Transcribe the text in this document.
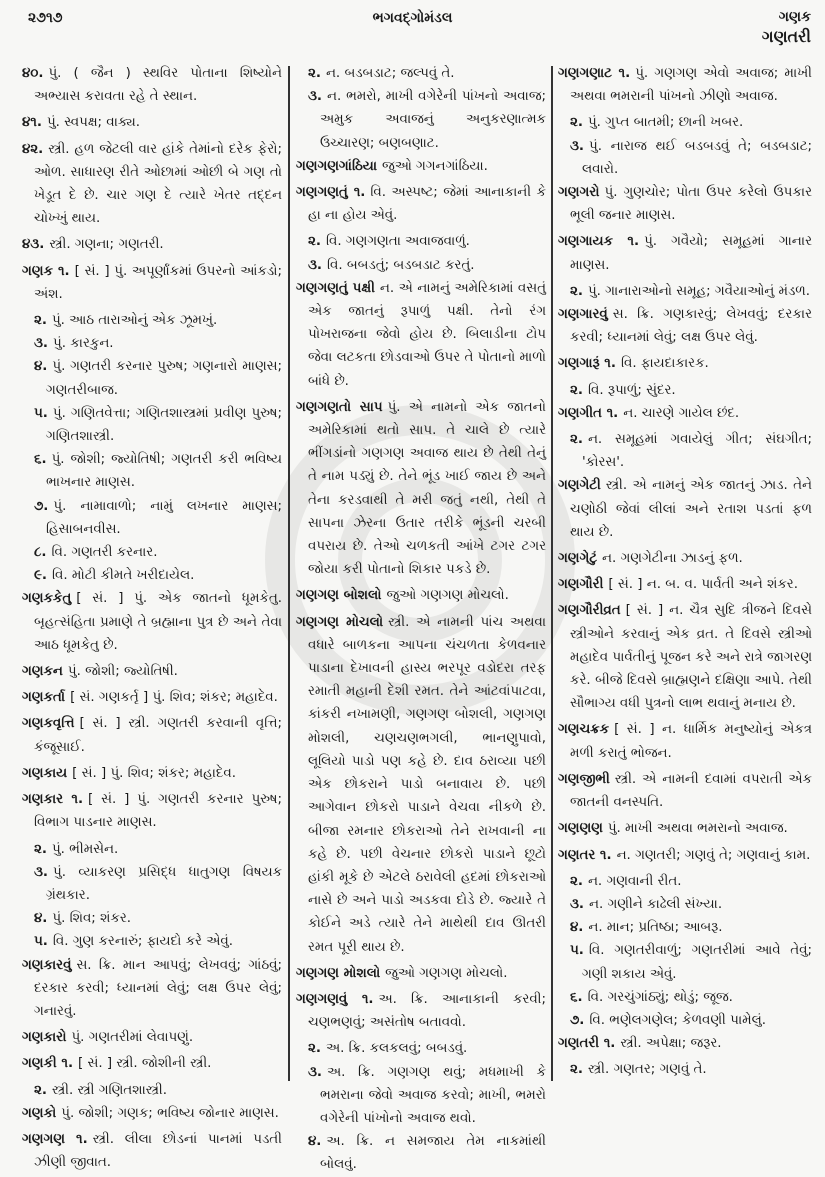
૨૭૧૭	ભગવદ્ગોમંડલ	ગણક
ગણતરી
૪૦. પું. ( જૈન ) સ્થવિર પોતાના શિષ્યોને અભ્યાસ કરાવતા રહે તે સ્થાન.
૪૧. પું. સ્વપક્ષ; વાક્ય.
૪૨. સ્ત્રી. હળ જેટલી વાર હાંકે તેમાંનો દરેક ફેરો; ઓળ. સાધારણ રીતે ઓછામાં ઓછી બે ગણ તો ખેડૂત દે છે. ચાર ગણ દે ત્યારે ખેતર તદ્દન ચોખ્ખું થાય.
૪૩. સ્ત્રી. ગણના; ગણતરી.
ગણક ૧. [ સં. ] પું. અપૂર્ણાંકમાં ઉપરનો આંકડો; અંશ.
૨. પું. આઠ તારાઓનું એક ઝૂમખું.
૩. પું. કારકુન.
૪. પું. ગણતરી કરનાર પુરુષ; ગણનારો માણસ; ગણતરીબાજ.
૫. પું. ગણિતવેત્તા; ગણિતશાસ્ત્રમાં પ્રવીણ પુરુષ; ગણિતશાસ્ત્રી.
૬. પું. જોશી; જ્યોતિષી; ગણતરી કરી ભવિષ્ય ભાખનાર માણસ.
૭. પું. નામાવાળો; નામું લખનાર માણસ; હિસાબનવીસ.
૮. વિ. ગણતરી કરનાર.
૯. વિ. મોટી કીમતે ખરીદાયેલ.
ગણકકેતુ [ સં. ] પું. એક જાતનો ધૂમકેતુ. બૃહત્સંહિતા પ્રમાણે તે બ્રહ્માના પુત્ર છે અને તેવા આઠ ધૂમકેતુ છે.
ગણકન પું. જોશી; જ્યોતિષી.
ગણકર્તા [ સં. ગણકર્તૃ ] પું. શિવ; શંકર; મહાદેવ.
ગણકવૃત્તિ [ સં. ] સ્ત્રી. ગણતરી કરવાની વૃત્તિ; કંજૂસાઈ.
ગણકાય [ સં. ] પું. શિવ; શંકર; મહાદેવ.
ગણકાર ૧. [ સં. ] પું. ગણતરી કરનાર પુરુષ; વિભાગ પાડનાર માણસ.
૨. પું. ભીમસેન.
૩. પું. વ્યાકરણ પ્રસિદ્ધ ધાતુગણ વિષયક ગ્રંથકાર.
૪. પું. શિવ; શંકર.
૫. વિ. ગુણ કરનારું; ફાયદો કરે એવું.
ગણકારવું સ. ક્રિ. માન આપવું; લેખવવું; ગાંઠવું; દરકાર કરવી; ધ્યાનમાં લેવું; લક્ષ ઉપર લેવું; ગનારવું.
ગણકારો પું. ગણતરીમાં લેવાપણું.
ગણકી ૧. [ સં. ] સ્ત્રી. જોશીની સ્ત્રી.
૨. સ્ત્રી. સ્ત્રી ગણિતશાસ્ત્રી.
ગણકો પું. જોશી; ગણક; ભવિષ્ય જોનાર માણસ.
ગણગણ ૧. સ્ત્રી. લીલા છોડનાં પાનમાં પડતી ઝીણી જીવાત.
૨. ન. બડબડાટ; જલ્પવું તે.
૩. ન. ભમરો, માખી વગેરેની પાંખનો અવાજ; અમુક અવાજનું અનુકરણાત્મક ઉચ્ચારણ; બણબણાટ.
ગણગણગાંઠિયા જુઓ ગગનગાંઠિયા.
ગણગણતું ૧. વિ. અસ્પષ્ટ; જેમાં આનાકાની કે હા ના હોય એવું.
૨. વિ. ગણગણતા અવાજવાળું.
૩. વિ. બબડતું; બડબડાટ કરતું.
ગણગણતું પક્ષી ન. એ નામનું અમેરિકામાં વસતું એક જાતનું રૂપાળું પક્ષી. તેનો રંગ પોખરાજના જેવો હોય છે. બિલાડીના ટોપ જેવા લટકતા છોડવાઓ ઉપર તે પોતાનો માળો બાંધે છે.
ગણગણતો સાપ પું. એ નામનો એક જાતનો અમેરિકામાં થતો સાપ. તે ચાલે છે ત્યારે ભીંગડાંનો ગણગણ અવાજ થાય છે તેથી તેનું તે નામ પડ્યું છે. તેને ભૂંડ ખાઈ જાય છે અને તેના કરડવાથી તે મરી જતું નથી, તેથી તે સાપના ઝેરના ઉતાર તરીકે ભૂંડની ચરબી વપરાય છે. તેઓ ચળકતી આંખે ટગર ટગર જોયા કરી પોતાનો શિકાર પકડે છે.
ગણગણ બોશલો જુઓ ગણગણ મોચલો.
ગણગણ મોચલો સ્ત્રી. એ નામની પાંચ અથવા વધારે બાળકના આપના ચંચળતા કેળવનાર પાડાના દેખાવની હાસ્ય ભરપૂર વડોદરા તરફ રમાતી મહાની દેશી રમત. તેને આંટવાંપાટવા, કાંકરી નખામણી, ગણગણ બોશલી, ગણગણ મોશલી, ચણચણભગલી, ભાનણુપાવો, લૂલિયો પાડો પણ કહે છે. દાવ ઠરાવ્યા પછી એક છોકરાને પાડો બનાવાય છે. પછી આગેવાન છોકરો પાડાને વેચવા નીકળે છે. બીજા રમનાર છોકરાઓ તેને રાખવાની ના કહે છે. પછી વેચનાર છોકરો પાડાને છૂટો હાંકી મૂકે છે એટલે ઠરાવેલી હદમાં છોકરાઓ નાસે છે અને પાડો અડકવા દોડે છે. જ્યારે તે કોઈને અડે ત્યારે તેને માથેથી દાવ ઊતરી રમત પૂરી થાય છે.
ગણગણ મોશલો જુઓ ગણગણ મોચલો.
ગણગણવું ૧. અ. ક્રિ. આનાકાની કરવી; ચણભણવું; અસંતોષ બતાવવો.
૨. અ. ક્રિ. કલકલવું; બબડવું.
૩. અ. ક્રિ. ગણગણ થવું; મધમાખી કે ભમરાના જેવો અવાજ કરવો; માખી, ભમરો વગેરેની પાંખોનો અવાજ થવો.
૪. અ. ક્રિ. ન સમજાય તેમ નાકમાંથી બોલવું.
ગણગણાટ ૧. પું. ગણગણ એવો અવાજ; માખી અથવા ભમરાની પાંખનો ઝીણો અવાજ.
૨. પું. ગુપ્ત બાતમી; છાની ખબર.
૩. પું. નારાજ થઈ બડબડવું તે; બડબડાટ; લવારો.
ગણગરો પું. ગુણચોર; પોતા ઉપર કરેલો ઉપકાર ભૂલી જનાર માણસ.
ગણગાયક ૧. પું. ગવૈયો; સમૂહમાં ગાનાર માણસ.
૨. પું. ગાનારાઓનો સમૂહ; ગવૈયાઓનું મંડળ.
ગણગારવું સ. ક્રિ. ગણકારવું; લેખવવું; દરકાર કરવી; ધ્યાનમાં લેવું; લક્ષ ઉપર લેવું.
ગણગારૂં ૧. વિ. ફાયદાકારક.
૨. વિ. રૂપાળું; સુંદર.
ગણગીત ૧. ન. ચારણે ગાયેલ છંદ.
૨. ન. સમૂહમાં ગવાયેલું ગીત; સંઘગીત; 'કોરસ'.
ગણગેટી સ્ત્રી. એ નામનું એક જાતનું ઝાડ. તેને ચણોઠી જેવાં લીલાં અને રતાશ પડતાં ફળ થાય છે.
ગણગેટું ન. ગણગેટીના ઝાડનું ફળ.
ગણગૌરી [ સં. ] ન. બ. વ. પાર્વતી અને શંકર.
ગણગૌરીવ્રત [ સં. ] ન. ચૈત્ર સુદિ ત્રીજને દિવસે સ્ત્રીઓને કરવાનું એક વ્રત. તે દિવસે સ્ત્રીઓ મહાદેવ પાર્વતીનું પૂજન કરે અને રાત્રે જાગરણ કરે. બીજે દિવસે બ્રાહ્મણને દક્ષિણા આપે. તેથી સૌભાગ્ય વધી પુત્રનો લાભ થવાનું મનાય છે.
ગણચક્રક [ સં. ] ન. ધાર્મિક મનુષ્યોનું એકત્ર મળી કરાતું ભોજન.
ગણજીભી સ્ત્રી. એ નામની દવામાં વપરાતી એક જાતની વનસ્પતિ.
ગણણણ પું. માખી અથવા ભમરાનો અવાજ.
ગણતર ૧. ન. ગણતરી; ગણવું તે; ગણવાનું કામ.
૨. ન. ગણવાની રીત.
૩. ન. ગણીને કાઢેલી સંખ્યા.
૪. ન. માન; પ્રતિષ્ઠા; આબરૂ.
૫. વિ. ગણતરીવાળું; ગણતરીમાં આવે તેવું; ગણી શકાય એવું.
૬. વિ. ગરચુંગાંઠ્યું; થોડું; જૂજ.
૭. વિ. ભણેલગણેલ; કેળવણી પામેલું.
ગણતરી ૧. સ્ત્રી. અપેક્ષા; જરૂર.
૨. સ્ત્રી. ગણતર; ગણવું તે.
